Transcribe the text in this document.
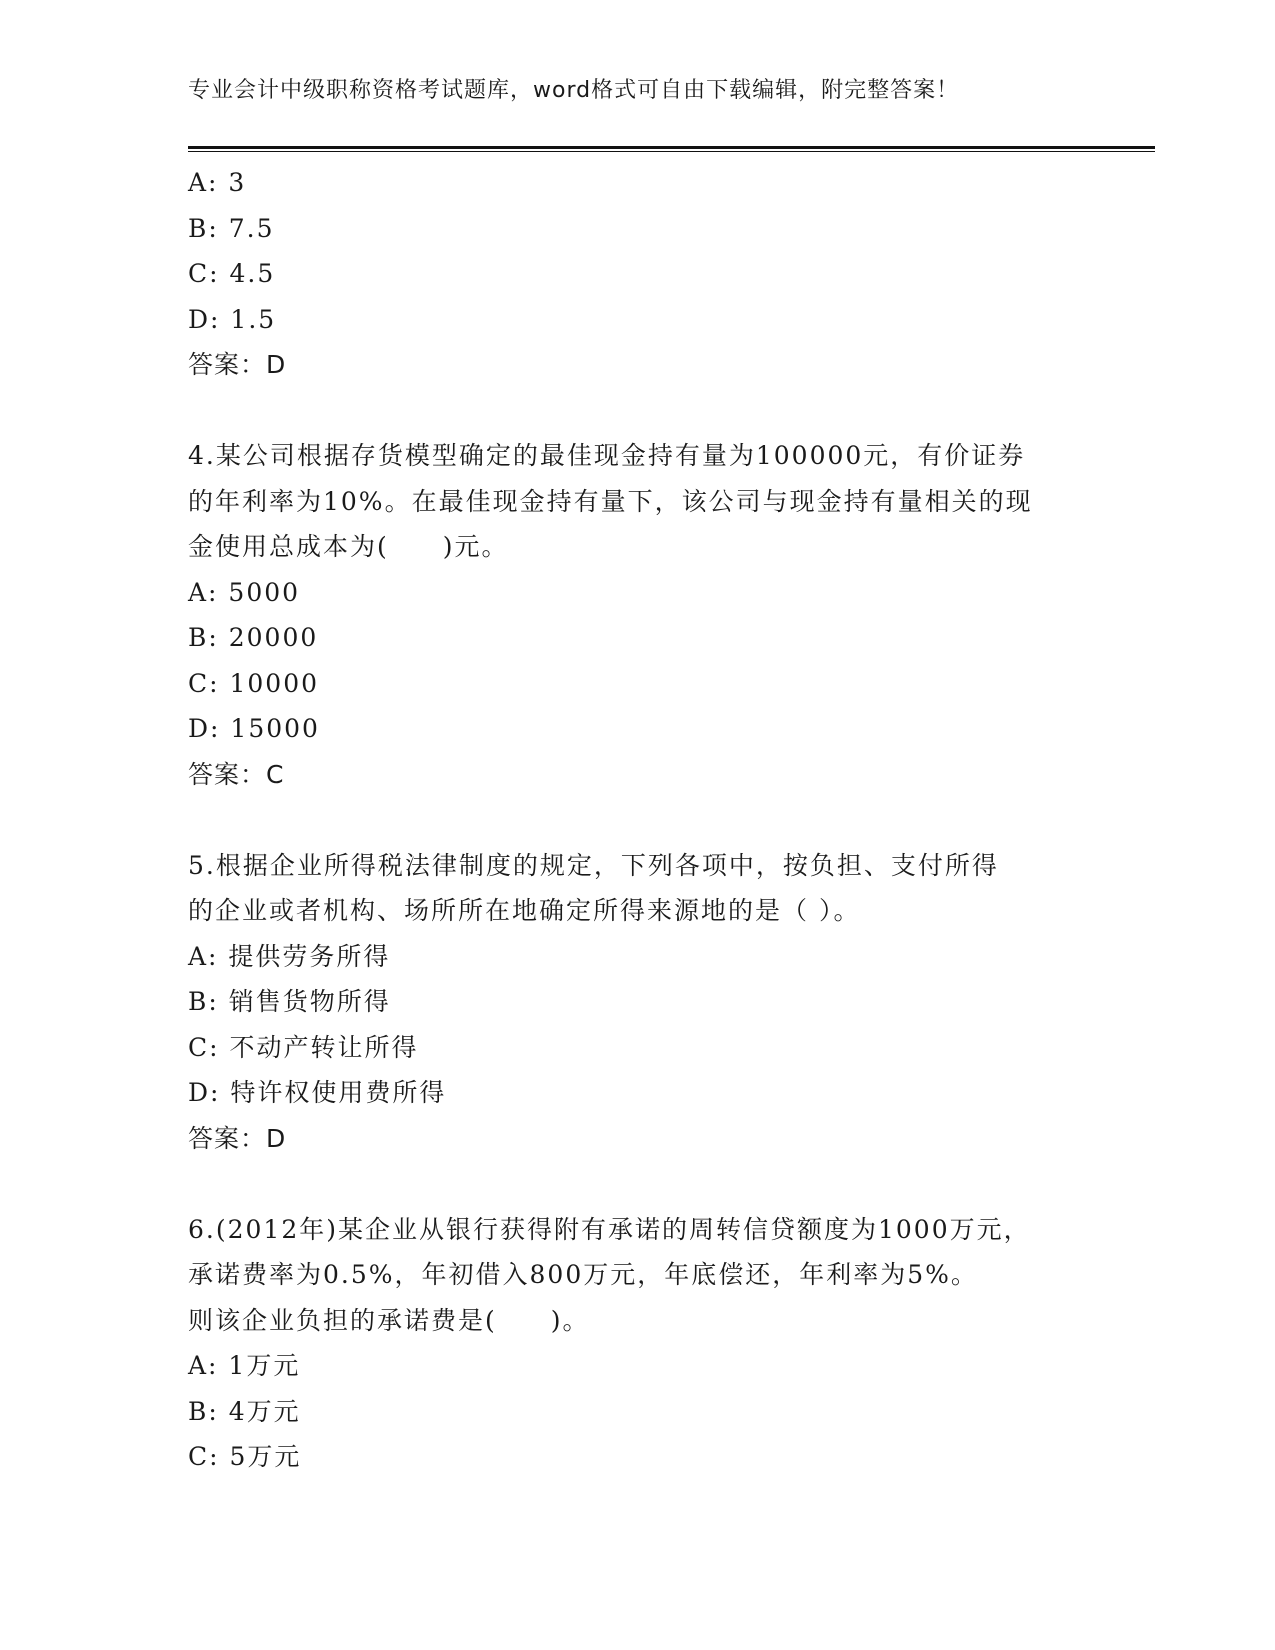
专业会计中级职称资格考试题库，word格式可自由下载编辑，附完整答案！
A: 3
B: 7.5
C: 4.5
D: 1.5
答案：D
4.某公司根据存货模型确定的最佳现金持有量为100000元，有价证券
的年利率为10%。在最佳现金持有量下，该公司与现金持有量相关的现
金使用总成本为(　　)元。
A: 5000
B: 20000
C: 10000
D: 15000
答案：C
5.根据企业所得税法律制度的规定，下列各项中，按负担、支付所得
的企业或者机构、场所所在地确定所得来源地的是（ ）。
A: 提供劳务所得
B: 销售货物所得
C: 不动产转让所得
D: 特许权使用费所得
答案：D
6.(2012年)某企业从银行获得附有承诺的周转信贷额度为1000万元，
承诺费率为0.5%，年初借入800万元，年底偿还，年利率为5%。
则该企业负担的承诺费是(　　)。
A: 1万元
B: 4万元
C: 5万元
